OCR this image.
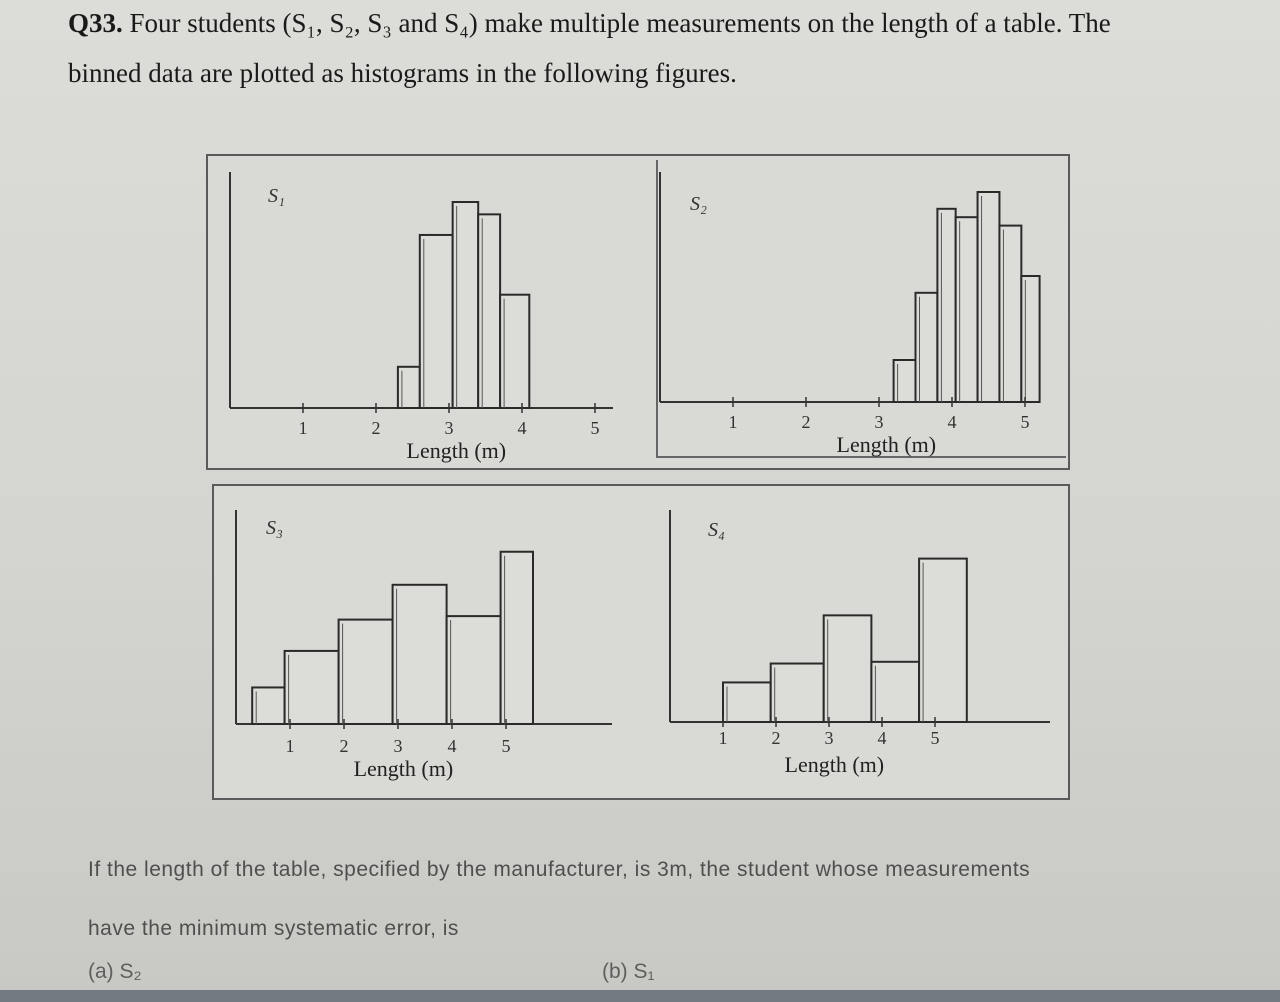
Q33. Four students (S₁, S₂, S₃ and S₄) make multiple measurements on the length of a table. The
binned data are plotted as histograms in the following figures.
1	2	3	4	5
Length (m)
S₁
1	2	3	4	5
Length (m)
S₂
1	2	3	4	5
Length (m)
S₃
1 2 3 4 5
Length (m)
S₄
If the length of the table, specified by the manufacturer, is 3m, the student whose measurements
have the minimum systematic error, is
(a) S₂	(b) S₁
